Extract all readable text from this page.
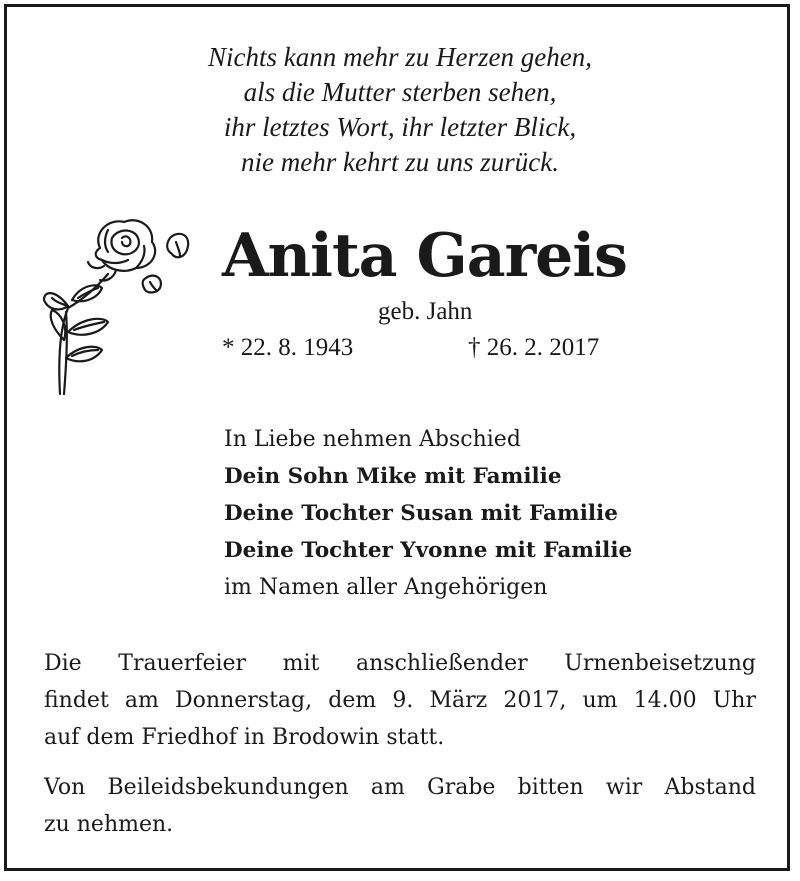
Nichts kann mehr zu Herzen gehen,
als die Mutter sterben sehen,
ihr letztes Wort, ihr letzter Blick,
nie mehr kehrt zu uns zurück.
Anita Gareis
geb. Jahn
* 22. 8. 1943	† 26. 2. 2017
In Liebe nehmen Abschied
Dein Sohn Mike mit Familie
Deine Tochter Susan mit Familie
Deine Tochter Yvonne mit Familie
im Namen aller Angehörigen
Die Trauerfeier mit anschließender Urnenbeisetzung
findet am Donnerstag, dem 9. März 2017, um 14.00 Uhr
auf dem Friedhof in Brodowin statt.
Von Beileidsbekundungen am Grabe bitten wir Abstand
zu nehmen.
